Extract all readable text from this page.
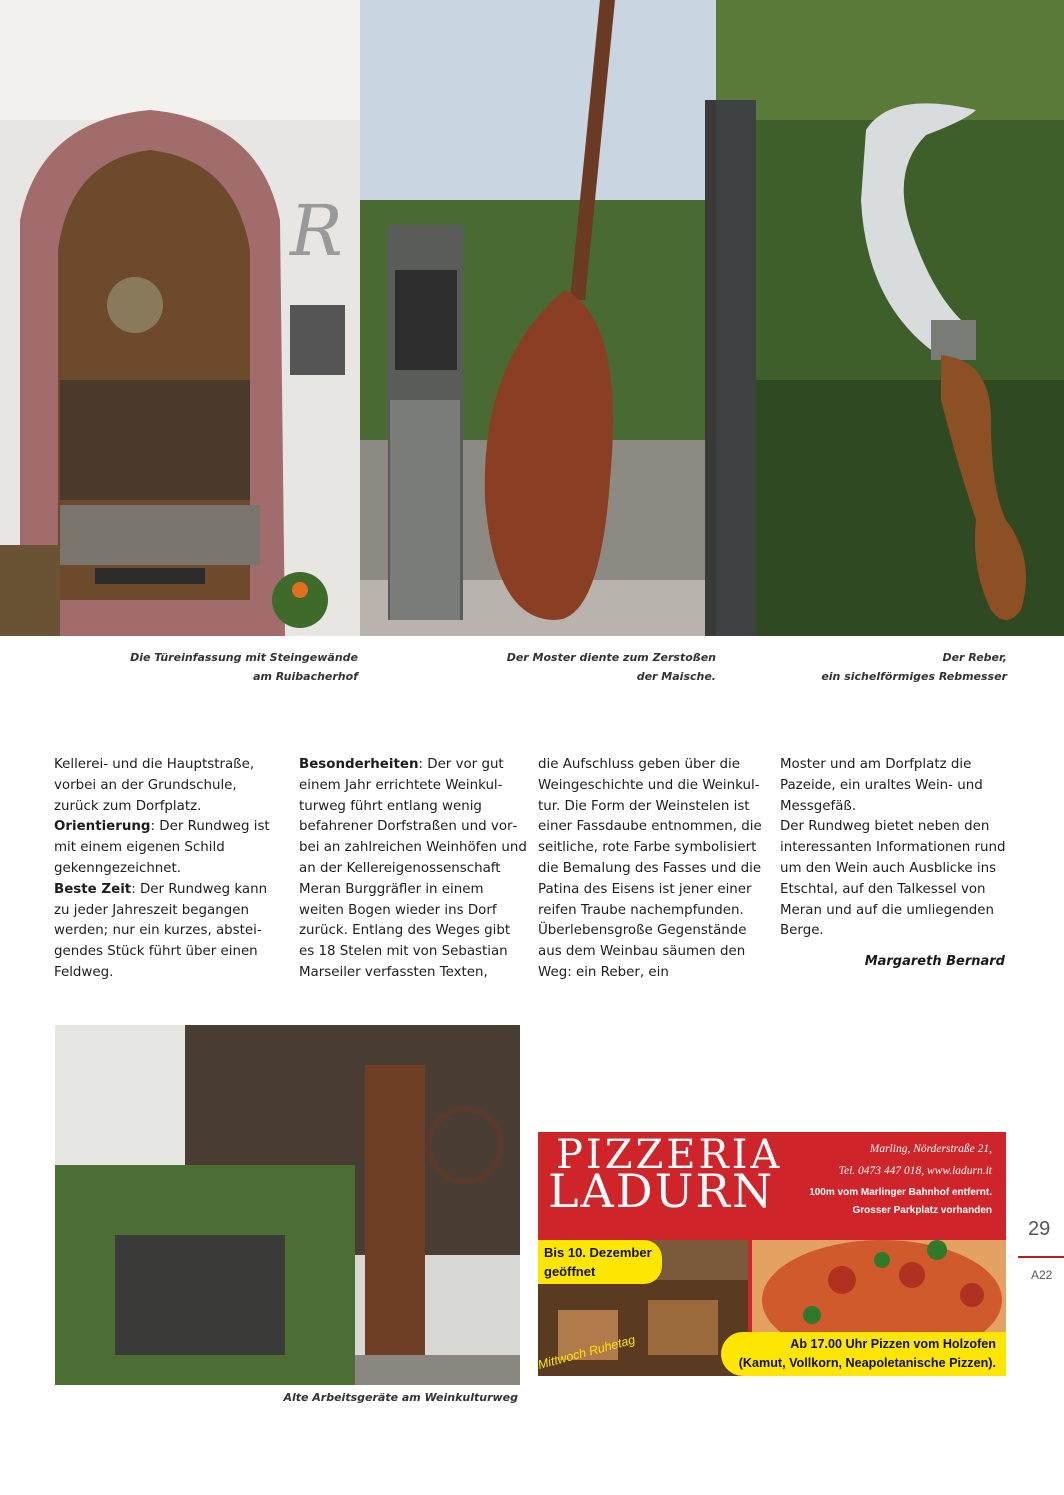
R
Die Türeinfassung mit Steingewände
am Ruibacherhof
Der Moster diente zum Zerstoßen
der Maische.
Der Reber,
ein sichelförmiges Rebmesser

Kellerei- und die Hauptstraße, vorbei an der Grundschule, zurück zum Dorfplatz.
Orientierung: Der Rundweg ist mit einem eigenen Schild gekenngezeichnet.
Beste Zeit: Der Rundweg kann zu jeder Jahreszeit begangen werden; nur ein kurzes, absteigendes Stück führt über einen Feldweg.

Besonderheiten: Der vor gut einem Jahr errichtete Weinkulturweg führt entlang wenig befahrener Dorfstraßen und vorbei an zahlreichen Weinhöfen und an der Kellereigenossenschaft Meran Burggräfler in einem weiten Bogen wieder ins Dorf zurück. Entlang des Weges gibt es 18 Stelen mit von Sebastian Marseiler verfassten Texten,

die Aufschluss geben über die Weingeschichte und die Weinkultur. Die Form der Weinstelen ist einer Fassdaube entnommen, die seitliche, rote Farbe symbolisiert die Bemalung des Fasses und die Patina des Eisens ist jener einer reifen Traube nachempfunden. Überlebensgroße Gegenstände aus dem Weinbau säumen den Weg: ein Reber, ein

Moster und am Dorfplatz die Pazeide, ein uraltes Wein- und Messgefäß.

Der Rundweg bietet neben den interessanten Informationen rund um den Wein auch Ausblicke ins Etschtal, auf den Talkessel von Meran und auf die umliegenden Berge.

Margareth Bernard
Alte Arbeitsgeräte am Weinkulturweg
PIZZERIA
LADURN
Marling, Nörderstraße 21,
Tel. 0473 447 018, www.ladurn.it
100m vom Marlinger Bahnhof entfernt.
Grosser Parkplatz vorhanden
Bis 10. Dezember geöffnet
Mittwoch Ruhetag	Ab 17.00 Uhr Pizzen vom Holzofen
(Kamut, Vollkorn, Neapoletanische Pizzen).
29
A22
